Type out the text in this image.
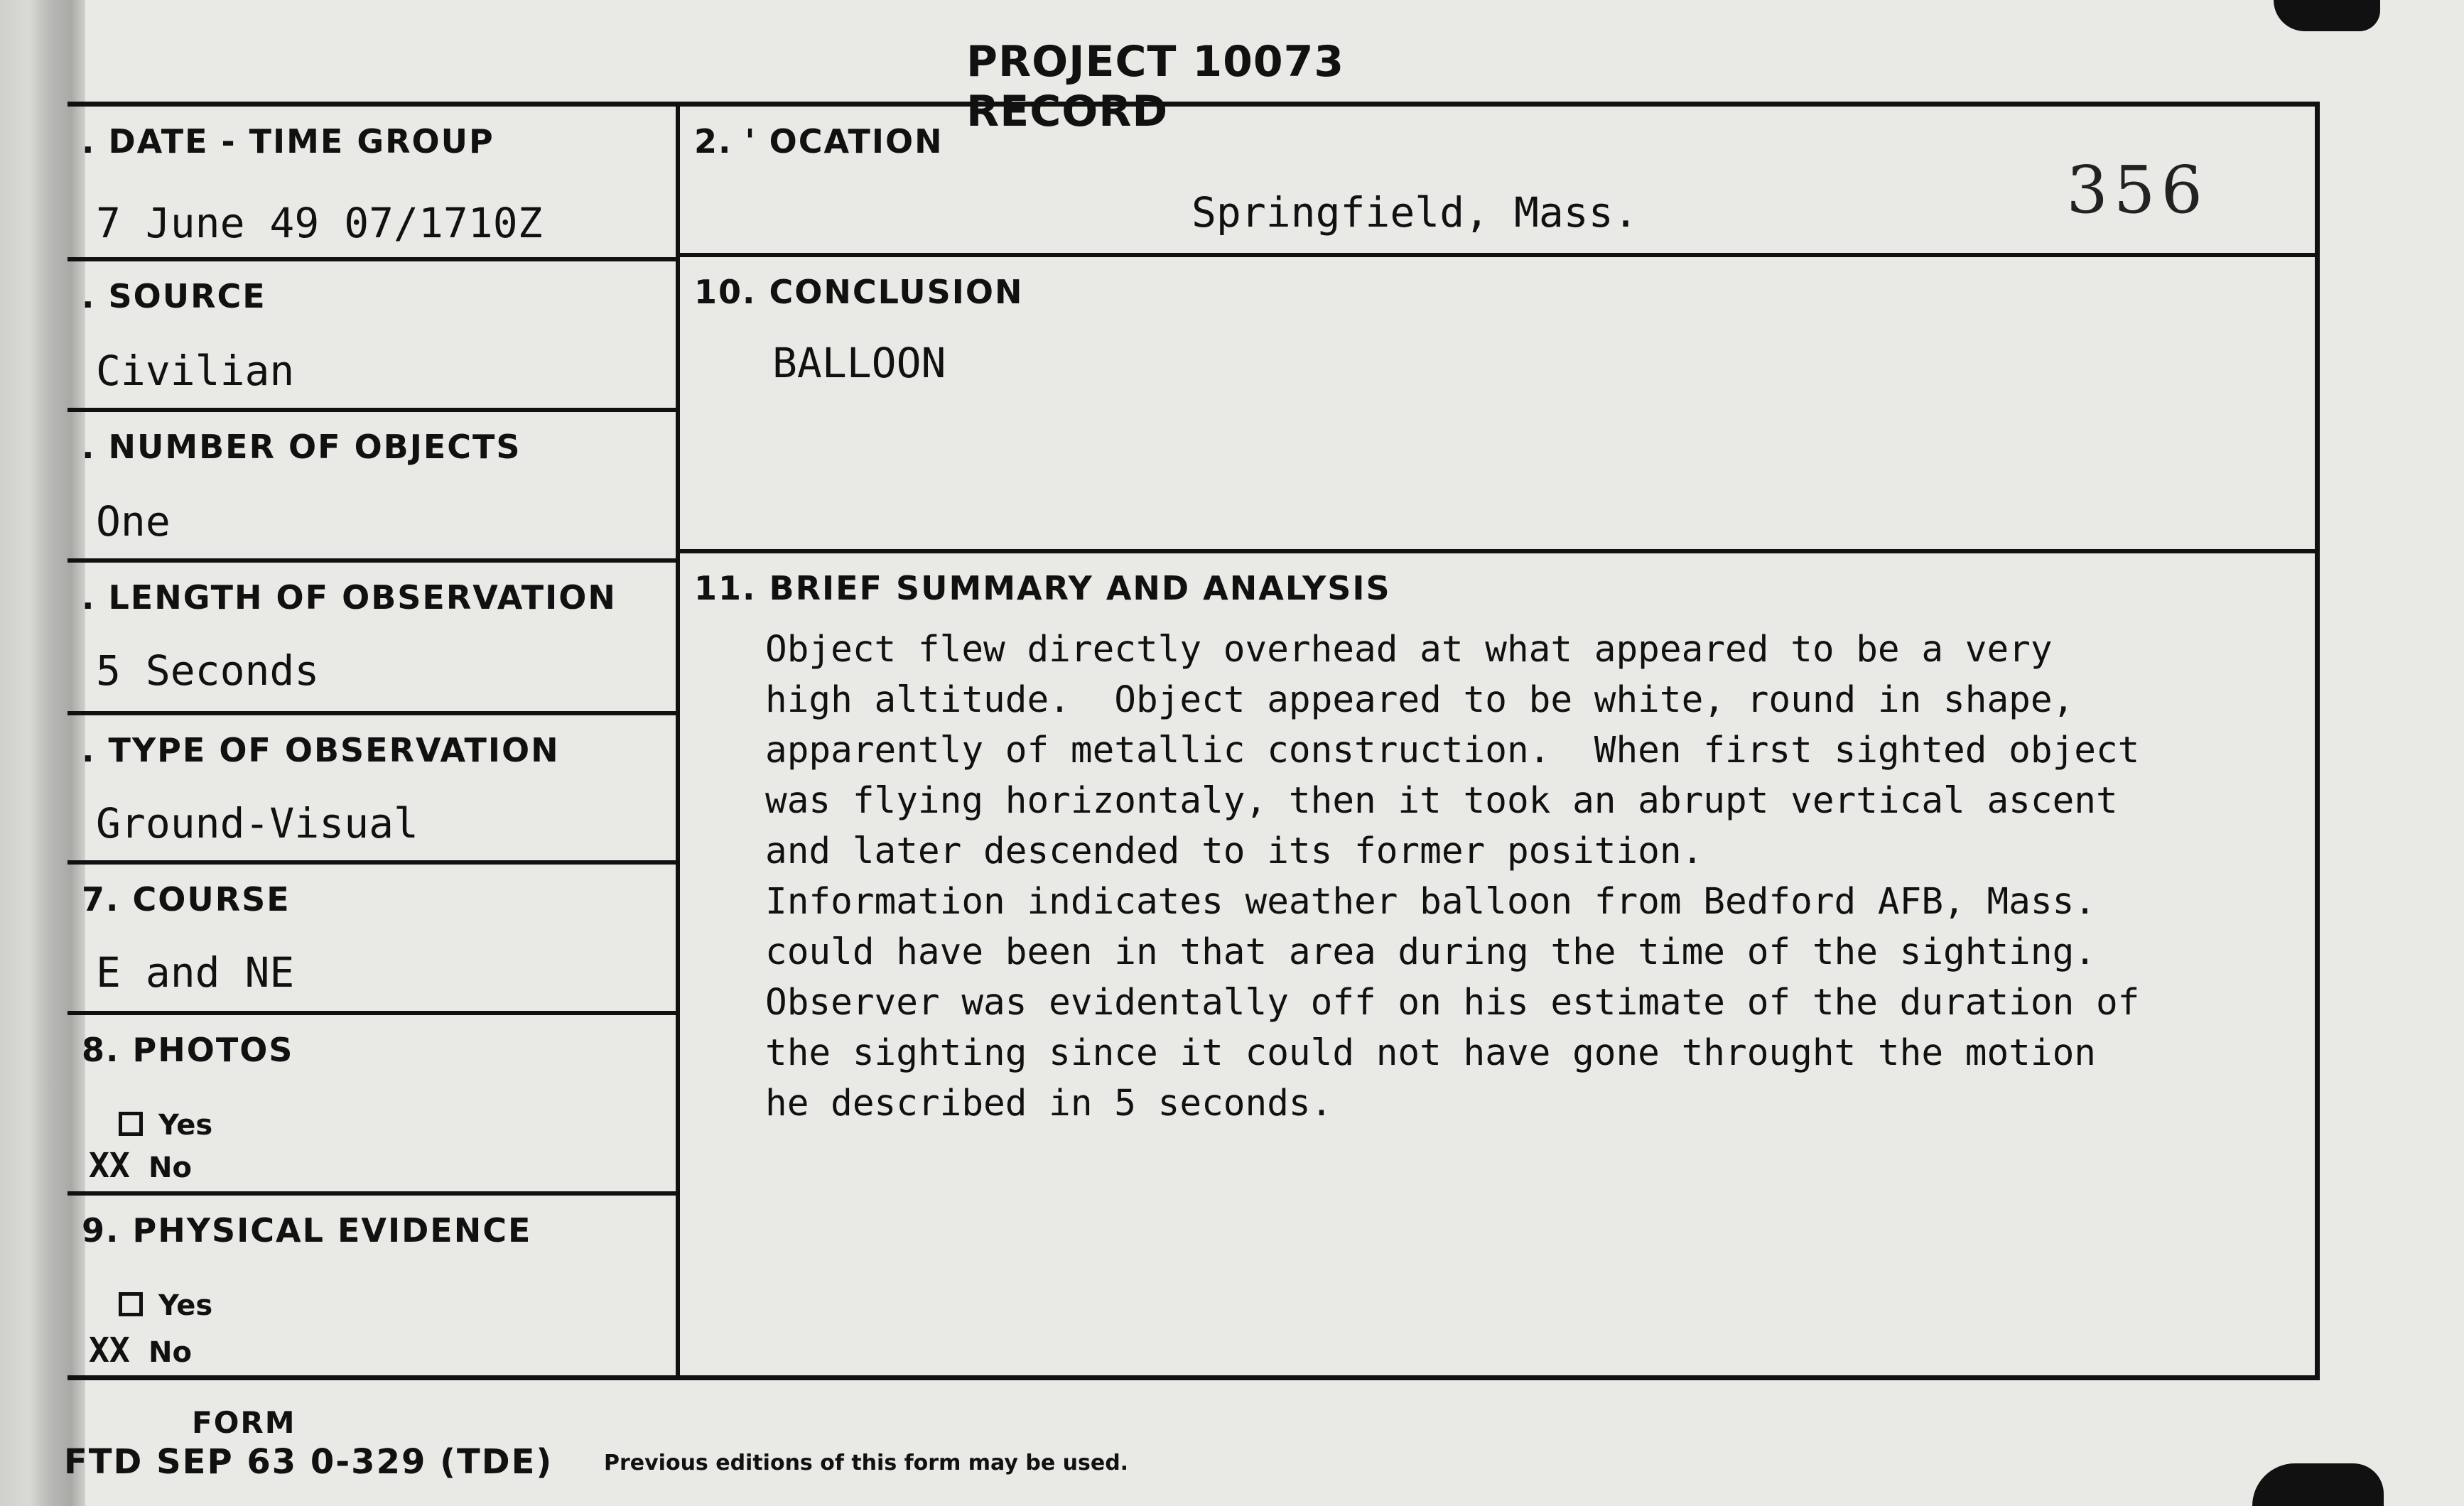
PROJECT 10073 RECORD
. DATE - TIME GROUP
7 June 49 07/1710Z
. SOURCE
Civilian
. NUMBER OF OBJECTS
One
. LENGTH OF OBSERVATION
5 Seconds
. TYPE OF OBSERVATION
Ground-Visual
7. COURSE
E and NE
8. PHOTOS
Yes
XX No
9. PHYSICAL EVIDENCE
Yes
XX No
2. ' OCATION
Springfield, Mass.	356
10. CONCLUSION
BALLOON
11. BRIEF SUMMARY AND ANALYSIS
Object flew directly overhead at what appeared to be a very
high altitude.  Object appeared to be white, round in shape,
apparently of metallic construction.  When first sighted object
was flying horizontaly, then it took an abrupt vertical ascent
and later descended to its former position.
Information indicates weather balloon from Bedford AFB, Mass.
could have been in that area during the time of the sighting.
Observer was evidentally off on his estimate of the duration of
the sighting since it could not have gone throught the motion
he described in 5 seconds.
FORM
FTD SEP 63 0-329 (TDE) Previous editions of this form may be used.
